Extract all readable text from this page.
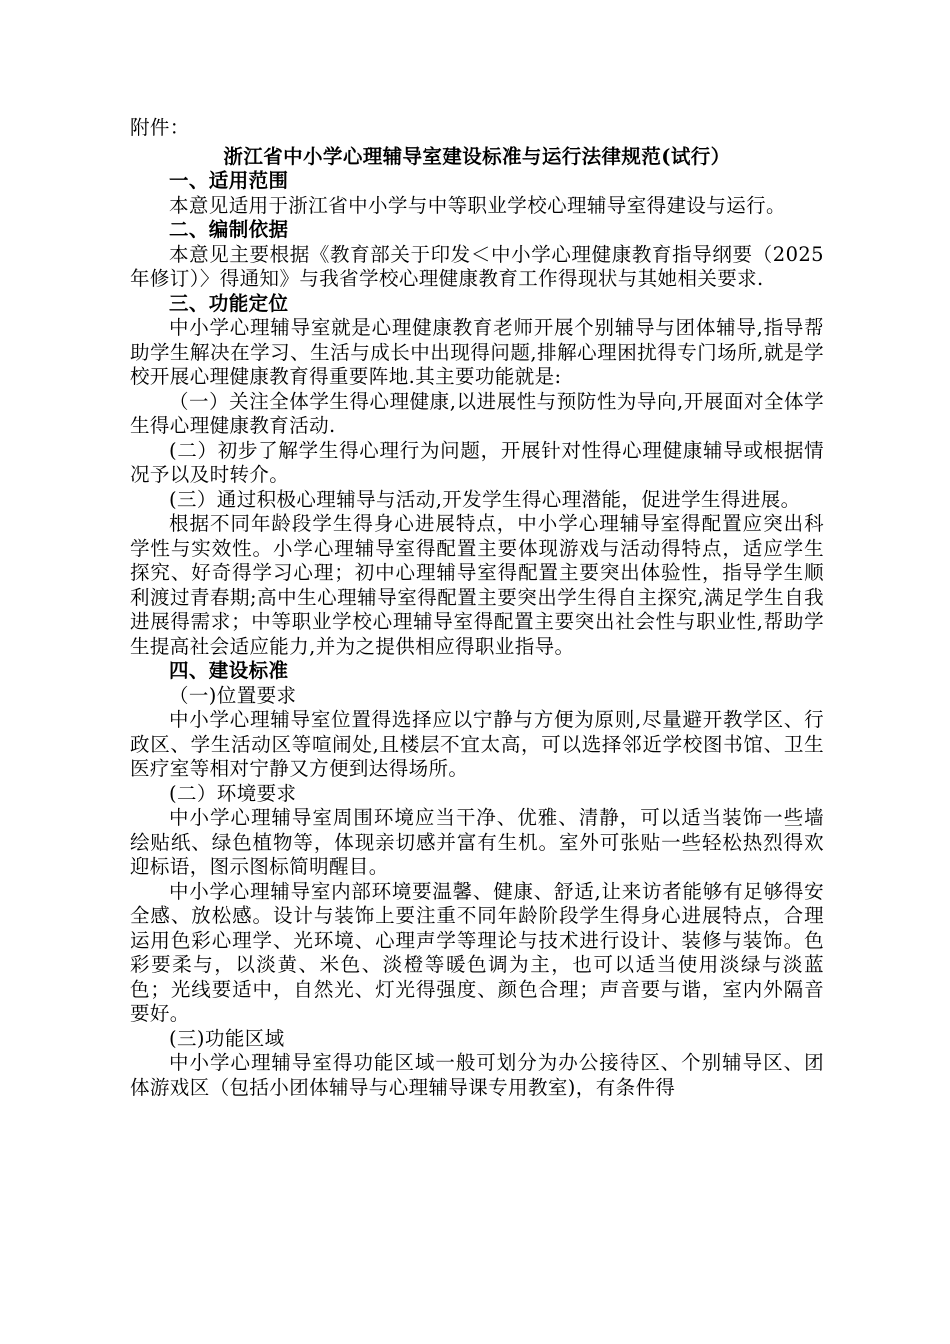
附件：

浙江省中小学心理辅导室建设标准与运行法律规范(试行）

一、适用范围

本意见适用于浙江省中小学与中等职业学校心理辅导室得建设与运行。

二、编制依据

本意见主要根据《教育部关于印发＜中小学心理健康教育指导纲要（2025年修订）〉得通知》与我省学校心理健康教育工作得现状与其她相关要求.

三、功能定位

中小学心理辅导室就是心理健康教育老师开展个别辅导与团体辅导,指导帮助学生解决在学习、生活与成长中出现得问题,排解心理困扰得专门场所,就是学校开展心理健康教育得重要阵地.其主要功能就是:

（一）关注全体学生得心理健康,以进展性与预防性为导向,开展面对全体学生得心理健康教育活动.

(二）初步了解学生得心理行为问题，开展针对性得心理健康辅导或根据情况予以及时转介。

(三）通过积极心理辅导与活动,开发学生得心理潜能，促进学生得进展。

根据不同年龄段学生得身心进展特点，中小学心理辅导室得配置应突出科学性与实效性。小学心理辅导室得配置主要体现游戏与活动得特点，适应学生探究、好奇得学习心理；初中心理辅导室得配置主要突出体验性，指导学生顺利渡过青春期;高中生心理辅导室得配置主要突出学生得自主探究,满足学生自我进展得需求；中等职业学校心理辅导室得配置主要突出社会性与职业性,帮助学生提高社会适应能力,并为之提供相应得职业指导。

四、建设标准

（一)位置要求

中小学心理辅导室位置得选择应以宁静与方便为原则,尽量避开教学区、行政区、学生活动区等喧闹处,且楼层不宜太高，可以选择邻近学校图书馆、卫生医疗室等相对宁静又方便到达得场所。

(二）环境要求

中小学心理辅导室周围环境应当干净、优雅、清静，可以适当装饰一些墙绘贴纸、绿色植物等，体现亲切感并富有生机。室外可张贴一些轻松热烈得欢迎标语，图示图标简明醒目。

中小学心理辅导室内部环境要温馨、健康、舒适,让来访者能够有足够得安全感、放松感。设计与装饰上要注重不同年龄阶段学生得身心进展特点，合理运用色彩心理学、光环境、心理声学等理论与技术进行设计、装修与装饰。色彩要柔与，以淡黄、米色、淡橙等暖色调为主，也可以适当使用淡绿与淡蓝色；光线要适中，自然光、灯光得强度、颜色合理；声音要与谐，室内外隔音要好。

(三)功能区域

中小学心理辅导室得功能区域一般可划分为办公接待区、个别辅导区、团体游戏区（包括小团体辅导与心理辅导课专用教室)，有条件得
